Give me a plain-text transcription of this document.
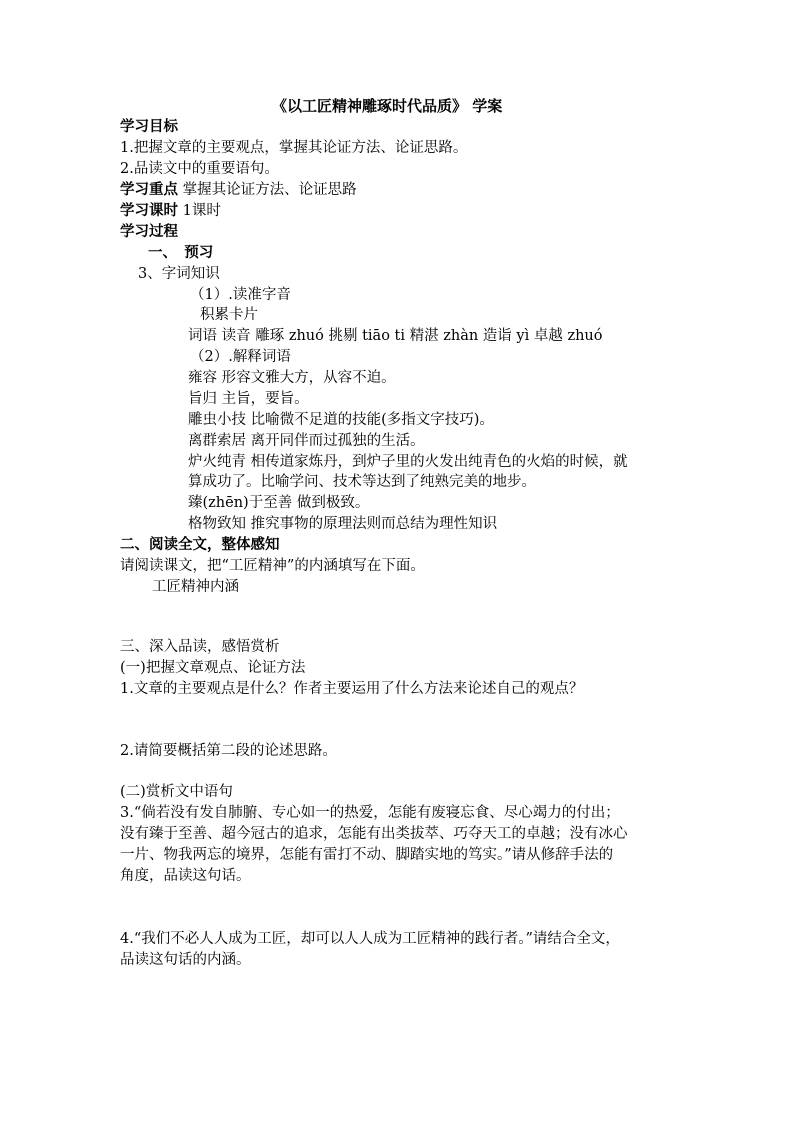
《以工匠精神雕琢时代品质》 学案
学习目标
1.把握文章的主要观点，掌握其论证方法、论证思路。
2.品读文中的重要语句。
学习重点 掌握其论证方法、论证思路
学习课时 1课时
学习过程
一、　预习
3、字词知识
（1）.读准字音
积累卡片
词语 读音 雕琢 zhuó 挑剔 tiāo ti 精湛 zhàn 造诣 yì 卓越 zhuó
（2）.解释词语
雍容 形容文雅大方，从容不迫。
旨归 主旨，要旨。
雕虫小技 比喻微不足道的技能(多指文字技巧)。
离群索居 离开同伴而过孤独的生活。
炉火纯青 相传道家炼丹，到炉子里的火发出纯青色的火焰的时候，就
算成功了。比喻学问、技术等达到了纯熟完美的地步。
臻(zhēn)于至善 做到极致。
格物致知 推究事物的原理法则而总结为理性知识
二、阅读全文，整体感知
请阅读课文，把“工匠精神”的内涵填写在下面。
工匠精神内涵
三、深入品读，感悟赏析
(一)把握文章观点、论证方法
1.文章的主要观点是什么？作者主要运用了什么方法来论述自己的观点？
2.请简要概括第二段的论述思路。
(二)赏析文中语句
3.“倘若没有发自肺腑、专心如一的热爱，怎能有废寝忘食、尽心竭力的付出；
没有臻于至善、超今冠古的追求，怎能有出类拔萃、巧夺天工的卓越；没有冰心
一片、物我两忘的境界，怎能有雷打不动、脚踏实地的笃实。”请从修辞手法的
角度，品读这句话。
4.“我们不必人人成为工匠，却可以人人成为工匠精神的践行者。”请结合全文，
品读这句话的内涵。
